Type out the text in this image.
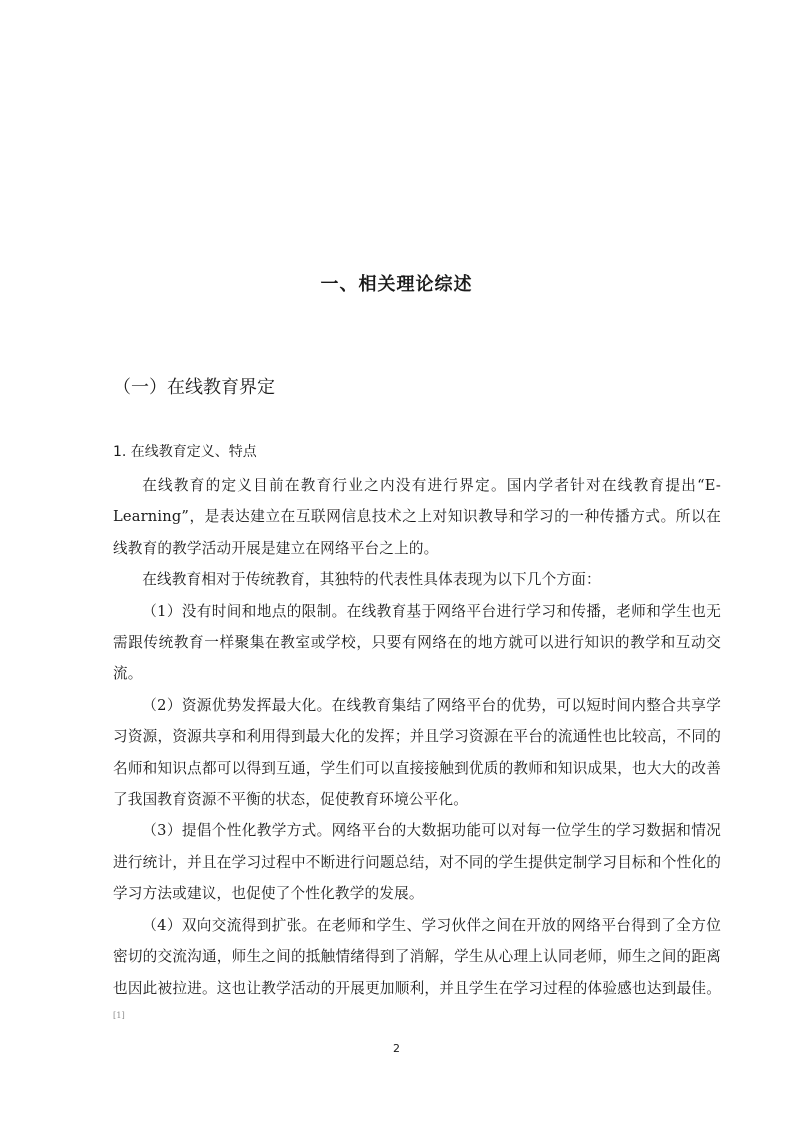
一、相关理论综述
（一）在线教育界定
1. 在线教育定义、特点

在线教育的定义目前在教育行业之内没有进行界定。国内学者针对在线教育提出“E-Learning”，是表达建立在互联网信息技术之上对知识教导和学习的一种传播方式。所以在线教育的教学活动开展是建立在网络平台之上的。

在线教育相对于传统教育，其独特的代表性具体表现为以下几个方面：

（1）没有时间和地点的限制。在线教育基于网络平台进行学习和传播，老师和学生也无需跟传统教育一样聚集在教室或学校，只要有网络在的地方就可以进行知识的教学和互动交流。

（2）资源优势发挥最大化。在线教育集结了网络平台的优势，可以短时间内整合共享学习资源，资源共享和利用得到最大化的发挥；并且学习资源在平台的流通性也比较高，不同的名师和知识点都可以得到互通，学生们可以直接接触到优质的教师和知识成果，也大大的改善了我国教育资源不平衡的状态，促使教育环境公平化。

（3）提倡个性化教学方式。网络平台的大数据功能可以对每一位学生的学习数据和情况进行统计，并且在学习过程中不断进行问题总结，对不同的学生提供定制学习目标和个性化的学习方法或建议，也促使了个性化教学的发展。

（4）双向交流得到扩张。在老师和学生、学习伙伴之间在开放的网络平台得到了全方位密切的交流沟通，师生之间的抵触情绪得到了消解，学生从心理上认同老师，师生之间的距离也因此被拉进。这也让教学活动的开展更加顺利，并且学生在学习过程的体验感也达到最佳。[1]

2
